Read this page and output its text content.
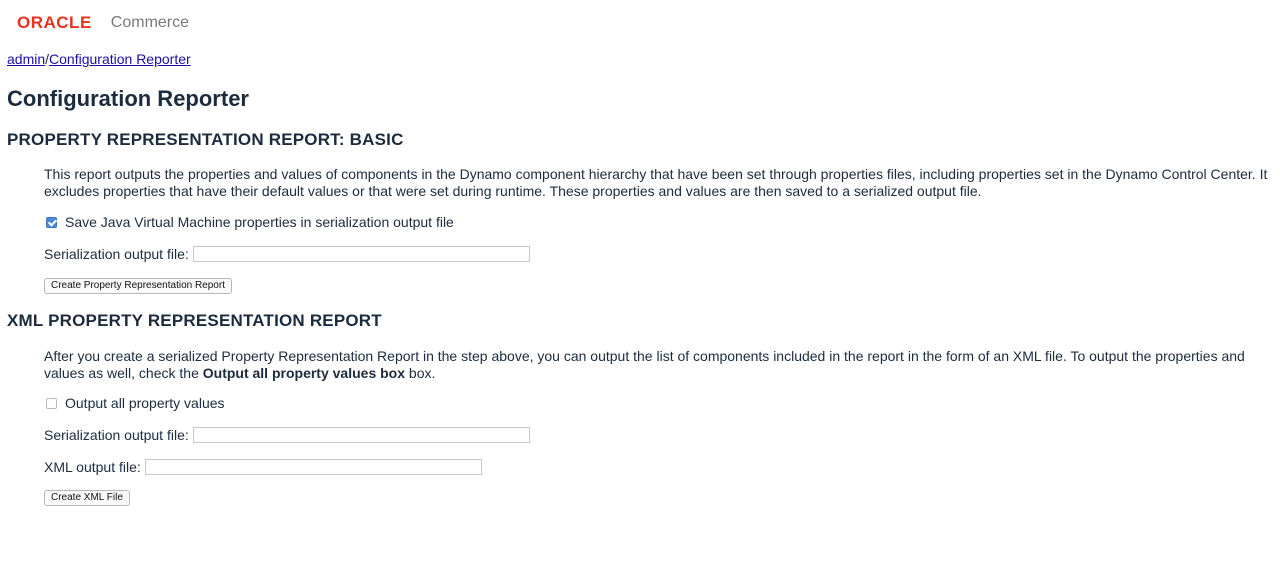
ORACLE Commerce
admin/Configuration Reporter
Configuration Reporter
PROPERTY REPRESENTATION REPORT: BASIC

This report outputs the properties and values of components in the Dynamo component hierarchy that have been set through properties files, including properties set in the Dynamo Control Center. It excludes properties that have their default values or that were set during runtime. These properties and values are then saved to a serialized output file.

Save Java Virtual Machine properties in serialization output file
Serialization output file:
Create Property Representation Report
XML PROPERTY REPRESENTATION REPORT

After you create a serialized Property Representation Report in the step above, you can output the list of components included in the report in the form of an XML file. To output the properties and values as well, check the Output all property values box box.

Output all property values
Serialization output file:
XML output file:
Create XML File
